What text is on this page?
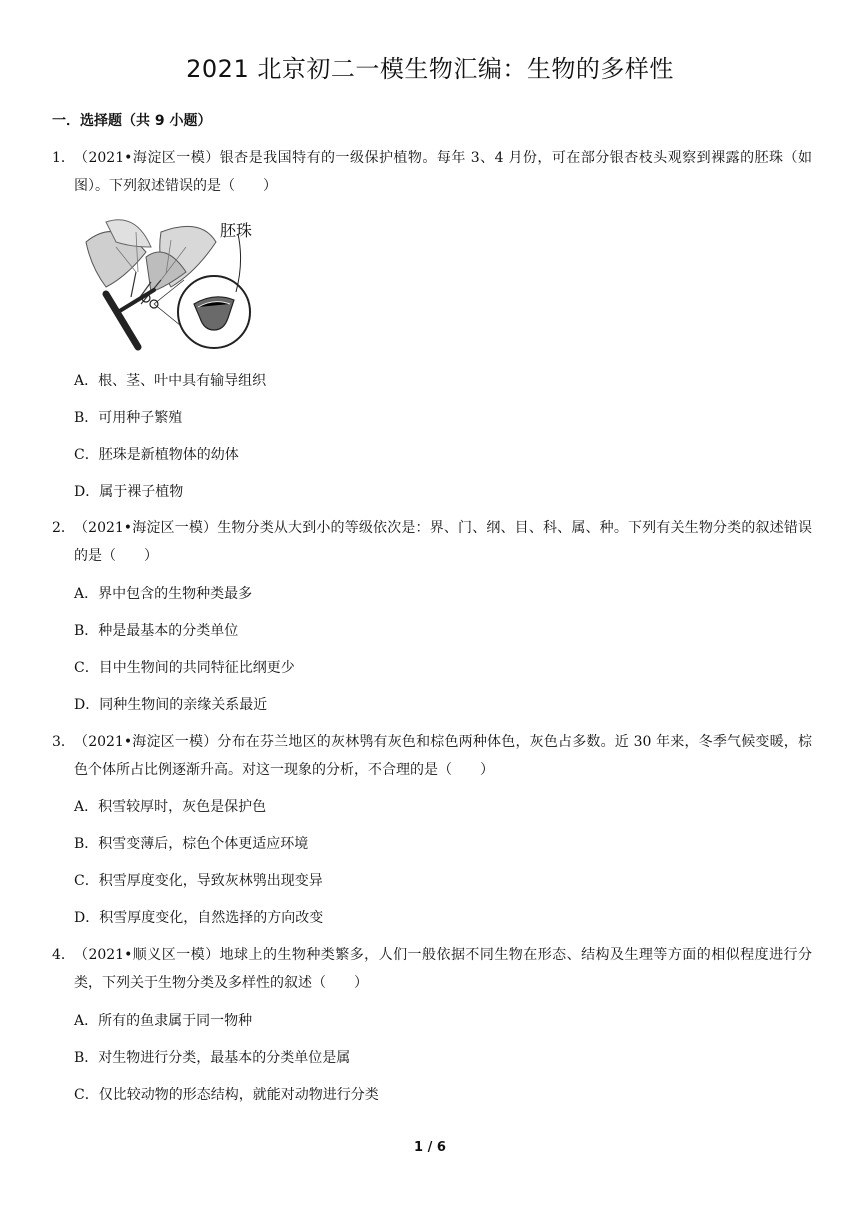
2021 北京初二一模生物汇编：生物的多样性
一．选择题（共 9 小题）
1． （2021•海淀区一模）银杏是我国特有的一级保护植物。每年 3、4 月份，可在部分银杏枝头观察到裸露的胚珠（如图）。下列叙述错误的是（　　）
胚珠
A．根、茎、叶中具有输导组织
B．可用种子繁殖
C．胚珠是新植物体的幼体
D．属于裸子植物
2． （2021•海淀区一模）生物分类从大到小的等级依次是：界、门、纲、目、科、属、种。下列有关生物分类的叙述错误的是（　　）
A．界中包含的生物种类最多
B．种是最基本的分类单位
C．目中生物间的共同特征比纲更少
D．同种生物间的亲缘关系最近
3． （2021•海淀区一模）分布在芬兰地区的灰林鸮有灰色和棕色两种体色，灰色占多数。近 30 年来，冬季气候变暖，棕色个体所占比例逐渐升高。对这一现象的分析，不合理的是（　　）
A．积雪较厚时，灰色是保护色
B．积雪变薄后，棕色个体更适应环境
C．积雪厚度变化，导致灰林鸮出现变异
D．积雪厚度变化，自然选择的方向改变
4． （2021•顺义区一模）地球上的生物种类繁多，人们一般依据不同生物在形态、结构及生理等方面的相似程度进行分类，下列关于生物分类及多样性的叙述（　　）
A．所有的鱼隶属于同一物种
B．对生物进行分类，最基本的分类单位是属
C．仅比较动物的形态结构，就能对动物进行分类
1 / 6
